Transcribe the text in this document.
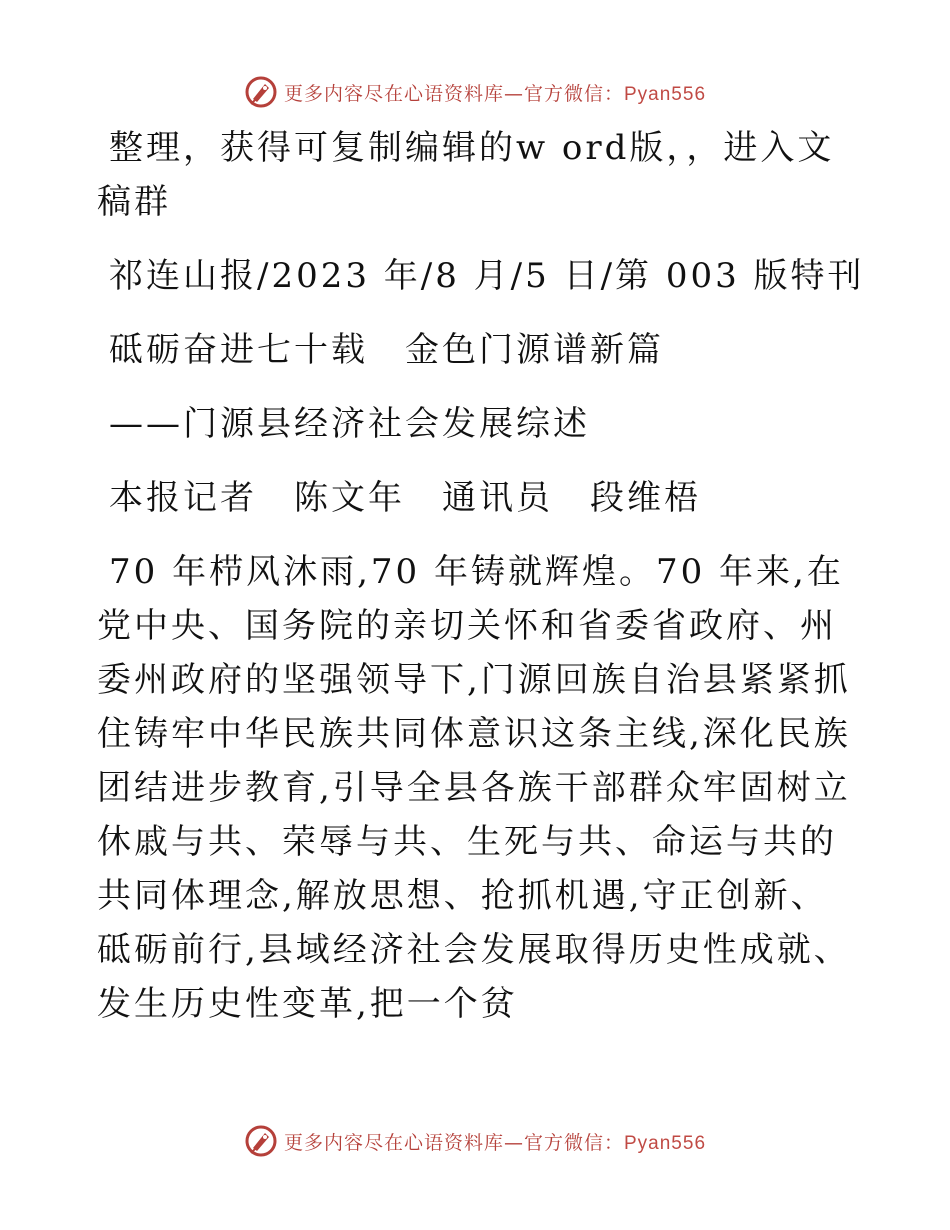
更多内容尽在心语资料库—官方微信：Pyan556

整理，获得可复制编辑的w ord版，，进入文稿群

祁连山报/2023 年/8 月/5 日/第 003 版特刊

砥砺奋进七十载　金色门源谱新篇

——门源县经济社会发展综述

本报记者　陈文年　通讯员　段维梧

70 年栉风沐雨,70 年铸就辉煌。70 年来,在党中央、国务院的亲切关怀和省委省政府、州委州政府的坚强领导下,门源回族自治县紧紧抓住铸牢中华民族共同体意识这条主线,深化民族团结进步教育,引导全县各族干部群众牢固树立休戚与共、荣辱与共、生死与共、命运与共的共同体理念,解放思想、抢抓机遇,守正创新、砥砺前行,县域经济社会发展取得历史性成就、发生历史性变革,把一个贫

更多内容尽在心语资料库—官方微信：Pyan556
